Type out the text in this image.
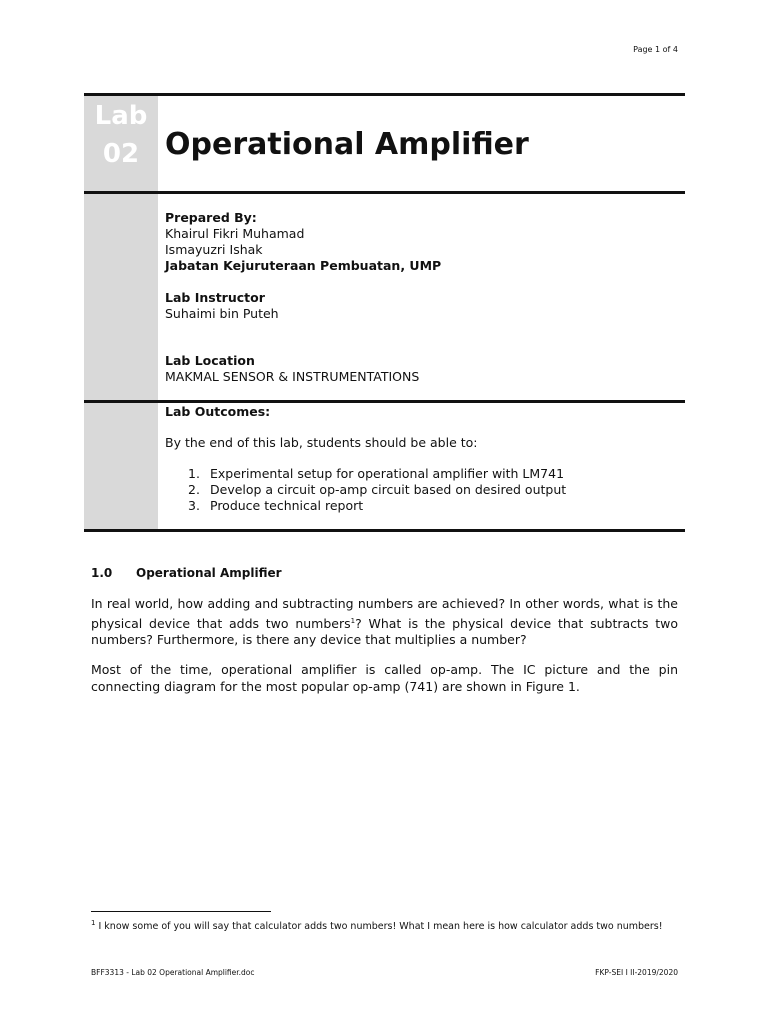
Page 1 of 4
Lab
02 Operational Amplifier
Prepared By:
Khairul Fikri Muhamad
Ismayuzri Ishak
Jabatan Kejuruteraan Pembuatan, UMP
Lab Instructor
Suhaimi bin Puteh
Lab Location
MAKMAL SENSOR & INSTRUMENTATIONS
Lab Outcomes:
By the end of this lab, students should be able to:
1. Experimental setup for operational amplifier with LM741
2. Develop a circuit op-amp circuit based on desired output
3. Produce technical report
1.0 Operational Amplifier

In real world, how adding and subtracting numbers are achieved? In other words, what is the physical device that adds two numbers$^1$? What is the physical device that subtracts two numbers? Furthermore, is there any device that multiplies a number?

Most of the time, operational amplifier is called op-amp. The IC picture and the pin connecting diagram for the most popular op-amp (741) are shown in Figure 1.

$^1$ I know some of you will say that calculator adds two numbers! What I mean here is how calculator adds two numbers!
BFF3313 - Lab 02 Operational Amplifier.doc	FKP-SEI I II-2019/2020
